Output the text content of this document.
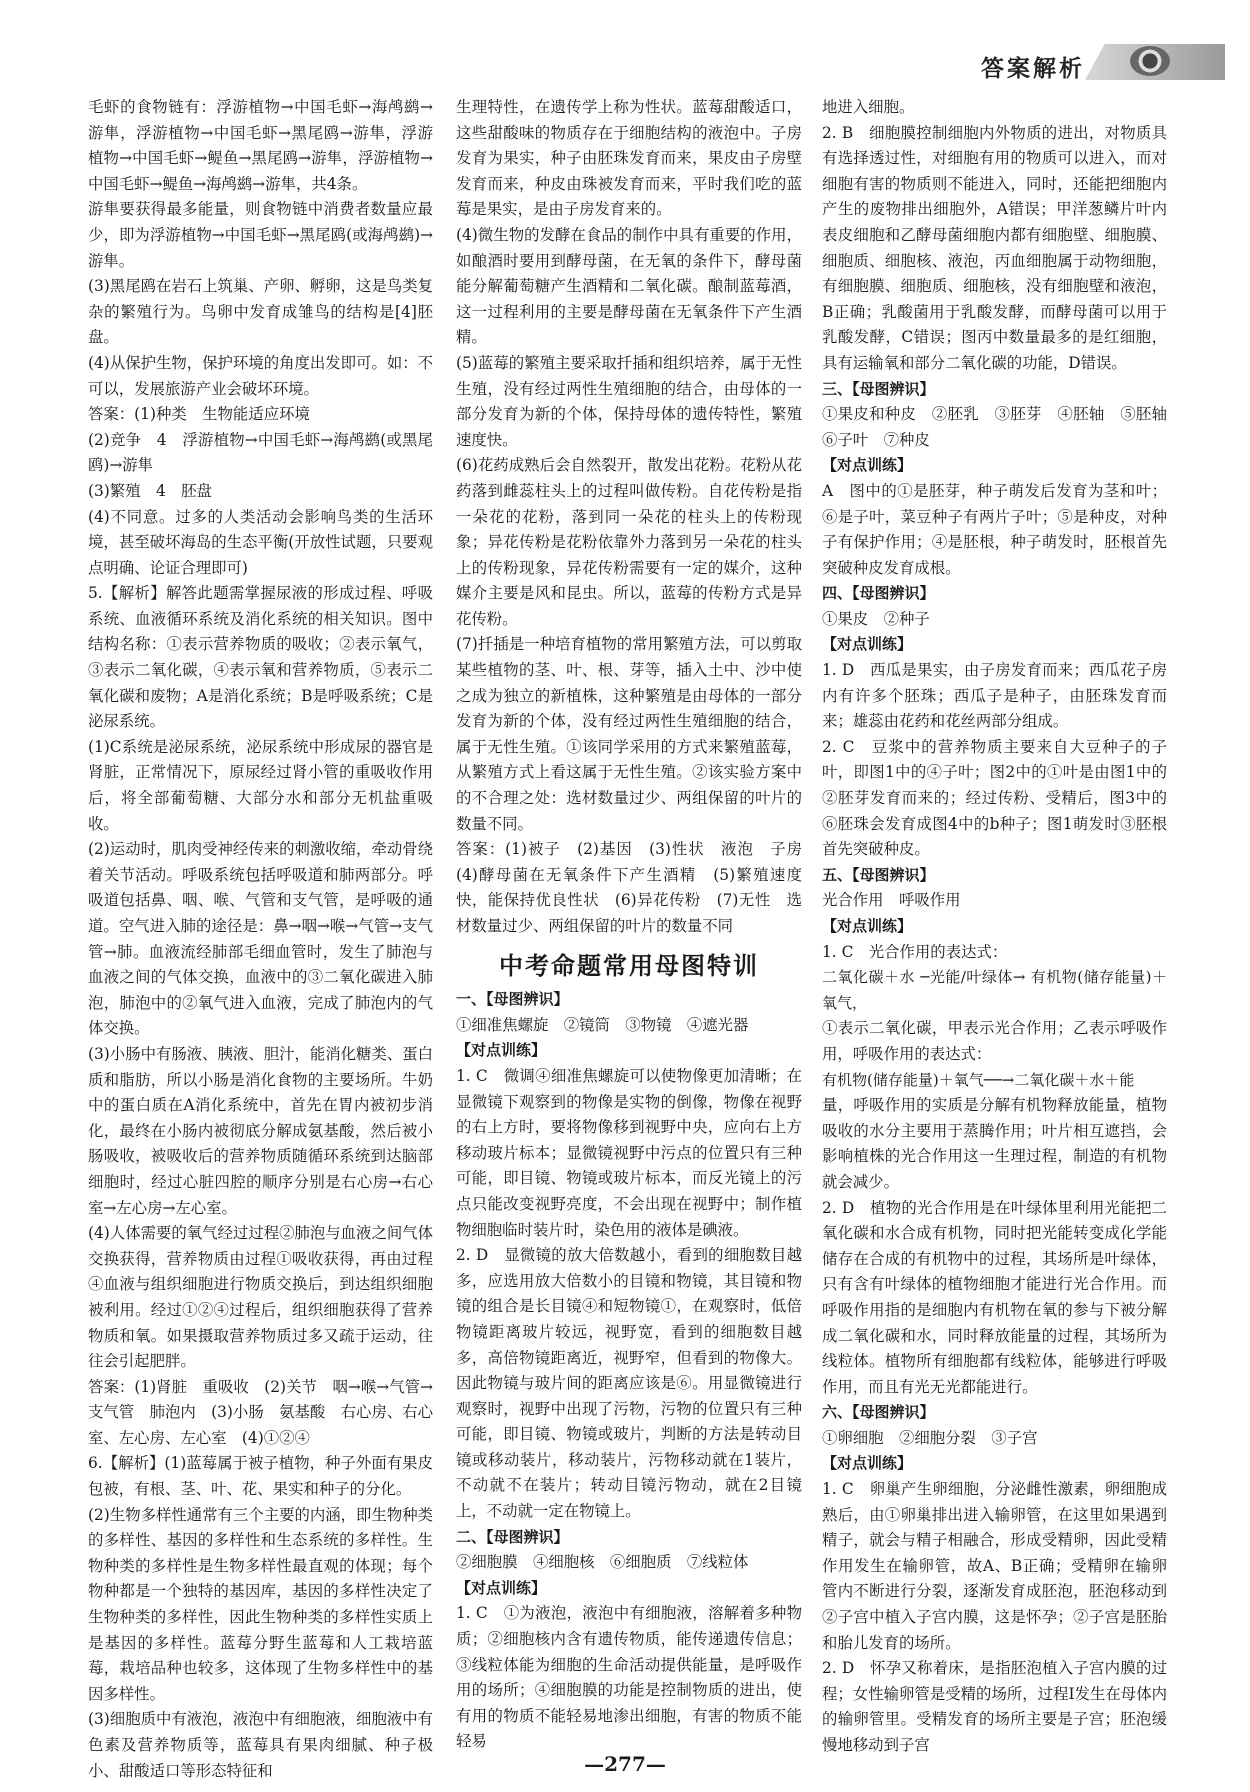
答案解析

毛虾的食物链有：浮游植物→中国毛虾→海鸬鹚→游隼，浮游植物→中国毛虾→黑尾鸥→游隼，浮游植物→中国毛虾→鳀鱼→黑尾鸥→游隼，浮游植物→中国毛虾→鳀鱼→海鸬鹚→游隼，共4条。

游隼要获得最多能量，则食物链中消费者数量应最少，即为浮游植物→中国毛虾→黑尾鸥(或海鸬鹚)→游隼。

(3)黑尾鸥在岩石上筑巢、产卵、孵卵，这是鸟类复杂的繁殖行为。鸟卵中发育成雏鸟的结构是[4]胚盘。

(4)从保护生物，保护环境的角度出发即可。如：不可以，发展旅游产业会破坏环境。

答案：(1)种类　生物能适应环境

(2)竞争　4　浮游植物→中国毛虾→海鸬鹚(或黑尾鸥)→游隼

(3)繁殖　4　胚盘

(4)不同意。过多的人类活动会影响鸟类的生活环境，甚至破坏海岛的生态平衡(开放性试题，只要观点明确、论证合理即可)

5.【解析】解答此题需掌握尿液的形成过程、呼吸系统、血液循环系统及消化系统的相关知识。图中结构名称：①表示营养物质的吸收；②表示氧气，③表示二氧化碳，④表示氧和营养物质，⑤表示二氧化碳和废物；A是消化系统；B是呼吸系统；C是泌尿系统。

(1)C系统是泌尿系统，泌尿系统中形成尿的器官是肾脏，正常情况下，原尿经过肾小管的重吸收作用后，将全部葡萄糖、大部分水和部分无机盐重吸收。

(2)运动时，肌肉受神经传来的刺激收缩，牵动骨绕着关节活动。呼吸系统包括呼吸道和肺两部分。呼吸道包括鼻、咽、喉、气管和支气管，是呼吸的通道。空气进入肺的途径是：鼻→咽→喉→气管→支气管→肺。血液流经肺部毛细血管时，发生了肺泡与血液之间的气体交换，血液中的③二氧化碳进入肺泡，肺泡中的②氧气进入血液，完成了肺泡内的气体交换。

(3)小肠中有肠液、胰液、胆汁，能消化糖类、蛋白质和脂肪，所以小肠是消化食物的主要场所。牛奶中的蛋白质在A消化系统中，首先在胃内被初步消化，最终在小肠内被彻底分解成氨基酸，然后被小肠吸收，被吸收后的营养物质随循环系统到达脑部细胞时，经过心脏四腔的顺序分别是右心房→右心室→左心房→左心室。

(4)人体需要的氧气经过过程②肺泡与血液之间气体交换获得，营养物质由过程①吸收获得，再由过程④血液与组织细胞进行物质交换后，到达组织细胞被利用。经过①②④过程后，组织细胞获得了营养物质和氧。如果摄取营养物质过多又疏于运动，往往会引起肥胖。

答案：(1)肾脏　重吸收　(2)关节　咽→喉→气管→支气管　肺泡内　(3)小肠　氨基酸　右心房、右心室、左心房、左心室　(4)①②④

6.【解析】(1)蓝莓属于被子植物，种子外面有果皮包被，有根、茎、叶、花、果实和种子的分化。

(2)生物多样性通常有三个主要的内涵，即生物种类的多样性、基因的多样性和生态系统的多样性。生物种类的多样性是生物多样性最直观的体现；每个物种都是一个独特的基因库，基因的多样性决定了生物种类的多样性，因此生物种类的多样性实质上是基因的多样性。蓝莓分野生蓝莓和人工栽培蓝莓，栽培品种也较多，这体现了生物多样性中的基因多样性。

(3)细胞质中有液泡，液泡中有细胞液，细胞液中有色素及营养物质等，蓝莓具有果肉细腻、种子极小、甜酸适口等形态特征和

生理特性，在遗传学上称为性状。蓝莓甜酸适口，这些甜酸味的物质存在于细胞结构的液泡中。子房发育为果实，种子由胚珠发育而来，果皮由子房壁发育而来，种皮由珠被发育而来，平时我们吃的蓝莓是果实，是由子房发育来的。

(4)微生物的发酵在食品的制作中具有重要的作用，如酿酒时要用到酵母菌，在无氧的条件下，酵母菌能分解葡萄糖产生酒精和二氧化碳。酿制蓝莓酒，这一过程利用的主要是酵母菌在无氧条件下产生酒精。

(5)蓝莓的繁殖主要采取扦插和组织培养，属于无性生殖，没有经过两性生殖细胞的结合，由母体的一部分发育为新的个体，保持母体的遗传特性，繁殖速度快。

(6)花药成熟后会自然裂开，散发出花粉。花粉从花药落到雌蕊柱头上的过程叫做传粉。自花传粉是指一朵花的花粉，落到同一朵花的柱头上的传粉现象；异花传粉是花粉依靠外力落到另一朵花的柱头上的传粉现象，异花传粉需要有一定的媒介，这种媒介主要是风和昆虫。所以，蓝莓的传粉方式是异花传粉。

(7)扦插是一种培育植物的常用繁殖方法，可以剪取某些植物的茎、叶、根、芽等，插入土中、沙中使之成为独立的新植株，这种繁殖是由母体的一部分发育为新的个体，没有经过两性生殖细胞的结合，属于无性生殖。①该同学采用的方式来繁殖蓝莓，从繁殖方式上看这属于无性生殖。②该实验方案中的不合理之处：选材数量过少、两组保留的叶片的数量不同。

答案：(1)被子　(2)基因　(3)性状　液泡　子房　(4)酵母菌在无氧条件下产生酒精　(5)繁殖速度快，能保持优良性状　(6)异花传粉　(7)无性　选材数量过少、两组保留的叶片的数量不同

中考命题常用母图特训

一、【母图辨识】

①细准焦螺旋　②镜筒　③物镜　④遮光器

【对点训练】

1. C　微调④细准焦螺旋可以使物像更加清晰；在显微镜下观察到的物像是实物的倒像，物像在视野的右上方时，要将物像移到视野中央，应向右上方移动玻片标本；显微镜视野中污点的位置只有三种可能，即目镜、物镜或玻片标本，而反光镜上的污点只能改变视野亮度，不会出现在视野中；制作植物细胞临时装片时，染色用的液体是碘液。

2. D　显微镜的放大倍数越小，看到的细胞数目越多，应选用放大倍数小的目镜和物镜，其目镜和物镜的组合是长目镜④和短物镜①，在观察时，低倍物镜距离玻片较远，视野宽，看到的细胞数目越多，高倍物镜距离近，视野窄，但看到的物像大。因此物镜与玻片间的距离应该是⑥。用显微镜进行观察时，视野中出现了污物，污物的位置只有三种可能，即目镜、物镜或玻片，判断的方法是转动目镜或移动装片，移动装片，污物移动就在1装片，不动就不在装片；转动目镜污物动，就在2目镜上，不动就一定在物镜上。

二、【母图辨识】

②细胞膜　④细胞核　⑥细胞质　⑦线粒体

【对点训练】

1. C　①为液泡，液泡中有细胞液，溶解着多种物质；②细胞核内含有遗传物质，能传递遗传信息；③线粒体能为细胞的生命活动提供能量，是呼吸作用的场所；④细胞膜的功能是控制物质的进出，使有用的物质不能轻易地渗出细胞，有害的物质不能轻易

地进入细胞。

2. B　细胞膜控制细胞内外物质的进出，对物质具有选择透过性，对细胞有用的物质可以进入，而对细胞有害的物质则不能进入，同时，还能把细胞内产生的废物排出细胞外，A错误；甲洋葱鳞片叶内表皮细胞和乙酵母菌细胞内都有细胞壁、细胞膜、细胞质、细胞核、液泡，丙血细胞属于动物细胞，有细胞膜、细胞质、细胞核，没有细胞壁和液泡，B正确；乳酸菌用于乳酸发酵，而酵母菌可以用于乳酸发酵，C错误；图丙中数量最多的是红细胞，具有运输氧和部分二氧化碳的功能，D错误。

三、【母图辨识】

①果皮和种皮　②胚乳　③胚芽　④胚轴　⑤胚轴　⑥子叶　⑦种皮

【对点训练】

A　图中的①是胚芽，种子萌发后发育为茎和叶；⑥是子叶，菜豆种子有两片子叶；⑤是种皮，对种子有保护作用；④是胚根，种子萌发时，胚根首先突破种皮发育成根。

四、【母图辨识】

①果皮　②种子

【对点训练】

1. D　西瓜是果实，由子房发育而来；西瓜花子房内有许多个胚珠；西瓜子是种子，由胚珠发育而来；雄蕊由花药和花丝两部分组成。

2. C　豆浆中的营养物质主要来自大豆种子的子叶，即图1中的④子叶；图2中的①叶是由图1中的②胚芽发育而来的；经过传粉、受精后，图3中的⑥胚珠会发育成图4中的b种子；图1萌发时③胚根首先突破种皮。

五、【母图辨识】

光合作用　呼吸作用

【对点训练】

1. C　光合作用的表达式：

二氧化碳＋水 ─光能/叶绿体→ 有机物(储存能量)＋氧气，

①表示二氧化碳，甲表示光合作用；乙表示呼吸作用，呼吸作用的表达式：

有机物(储存能量)＋氧气──→二氧化碳＋水＋能

量，呼吸作用的实质是分解有机物释放能量，植物吸收的水分主要用于蒸腾作用；叶片相互遮挡，会影响植株的光合作用这一生理过程，制造的有机物就会减少。

2. D　植物的光合作用是在叶绿体里利用光能把二氧化碳和水合成有机物，同时把光能转变成化学能储存在合成的有机物中的过程，其场所是叶绿体，只有含有叶绿体的植物细胞才能进行光合作用。而呼吸作用指的是细胞内有机物在氧的参与下被分解成二氧化碳和水，同时释放能量的过程，其场所为线粒体。植物所有细胞都有线粒体，能够进行呼吸作用，而且有光无光都能进行。

六、【母图辨识】

①卵细胞　②细胞分裂　③子宫

【对点训练】

1. C　卵巢产生卵细胞，分泌雌性激素，卵细胞成熟后，由①卵巢排出进入输卵管，在这里如果遇到精子，就会与精子相融合，形成受精卵，因此受精作用发生在输卵管，故A、B正确；受精卵在输卵管内不断进行分裂，逐渐发育成胚泡，胚泡移动到②子宫中植入子宫内膜，这是怀孕；②子宫是胚胎和胎儿发育的场所。

2. D　怀孕又称着床，是指胚泡植入子宫内膜的过程；女性输卵管是受精的场所，过程Ⅰ发生在母体内的输卵管里。受精发育的场所主要是子宫；胚泡缓慢地移动到子宫

—277—
